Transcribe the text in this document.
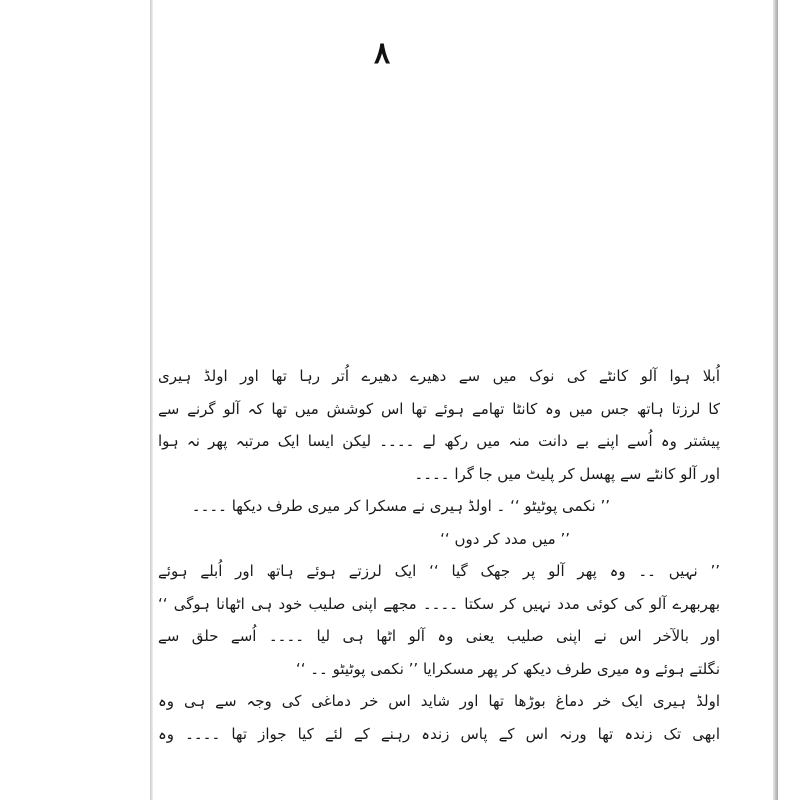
۸
اُبلا ہوا آلو کانٹے کی نوک میں سے دھیرے دھیرے اُتر رہا تھا اور اولڈ ہیری
کا لرزتا ہاتھ جس میں وہ کانٹا تھامے ہوئے تھا اس کوشش میں تھا کہ آلو گرنے سے
پیشتر وہ اُسے اپنے بے دانت منہ میں رکھ لے ۔۔۔۔ لیکن ایسا ایک مرتبہ پھر نہ ہوا
اور آلو کانٹے سے پھسل کر پلیٹ میں جا گرا ۔۔۔۔
’’ نکمی پوٹیٹو ‘‘ ۔ اولڈ ہیری نے مسکرا کر میری طرف دیکھا ۔۔۔۔
’’ میں مدد کر دوں ‘‘
’’ نہیں ۔۔ وہ پھر آلو پر جھک گیا ‘‘ ایک لرزتے ہوئے ہاتھ اور اُبلے ہوئے
بھربھرے آلو کی کوئی مدد نہیں کر سکتا ۔۔۔۔ مجھے اپنی صلیب خود ہی اٹھانا ہوگی ‘‘
اور بالآخر اس نے اپنی صلیب یعنی وہ آلو اٹھا ہی لیا ۔۔۔۔ اُسے حلق سے
نگلتے ہوئے وہ میری طرف دیکھ کر پھر مسکرایا ’’ نکمی پوٹیٹو ۔۔ ‘‘
اولڈ ہیری ایک خر دماغ بوڑھا تھا اور شاید اس خر دماغی کی وجہ سے ہی وہ
ابھی تک زندہ تھا ورنہ اس کے پاس زندہ رہنے کے لئے کیا جواز تھا ۔۔۔۔ وہ
